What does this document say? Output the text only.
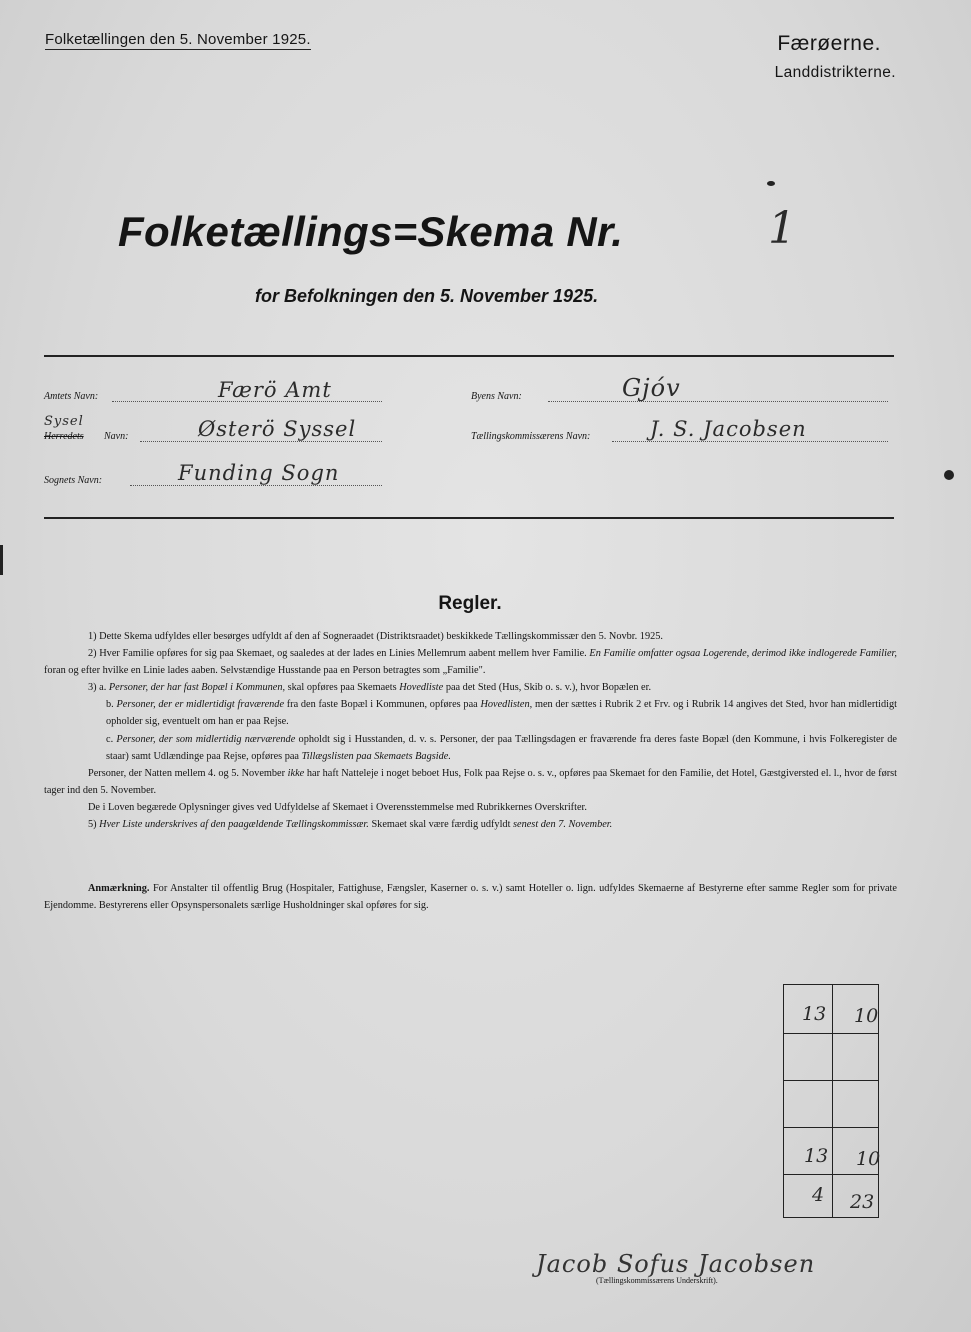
Folketællingen den 5. November 1925.	Færøerne.
Landdistrikterne.
Folketællings=Skema Nr.	1
for Befolkningen den 5. November 1925.
Amtets Navn:	Færö Amt
Sysel
Herredets Navn:	Østerö Syssel
Sognets Navn:	Funding Sogn
Byens Navn:	Gjóv
Tællingskommissærens Navn:	J. S. Jacobsen
Regler.

1) Dette Skema udfyldes eller besørges udfyldt af den af Sogneraadet (Distriktsraadet) beskikkede Tællingskommissær den 5. Novbr. 1925.

2) Hver Familie opføres for sig paa Skemaet, og saaledes at der lades en Linies Mellemrum aabent mellem hver Familie. En Familie omfatter ogsaa Logerende, derimod ikke indlogerede Familier, foran og efter hvilke en Linie lades aaben. Selvstændige Husstande paa en Person betragtes som „Familie".

3) a. Personer, der har fast Bopæl i Kommunen, skal opføres paa Skemaets Hovedliste paa det Sted (Hus, Skib o. s. v.), hvor Bopælen er.

b. Personer, der er midlertidigt fraværende fra den faste Bopæl i Kommunen, opføres paa Hovedlisten, men der sættes i Rubrik 2 et Frv. og i Rubrik 14 angives det Sted, hvor han midlertidigt opholder sig, eventuelt om han er paa Rejse.

c. Personer, der som midlertidig nærværende opholdt sig i Husstanden, d. v. s. Personer, der paa Tællingsdagen er fraværende fra deres faste Bopæl (den Kommune, i hvis Folkeregister de staar) samt Udlændinge paa Rejse, opføres paa Tillægslisten paa Skemaets Bagside.

Personer, der Natten mellem 4. og 5. November ikke har haft Natteleje i noget beboet Hus, Folk paa Rejse o. s. v., opføres paa Skemaet for den Familie, det Hotel, Gæstgiversted el. l., hvor de først tager ind den 5. November.

De i Loven begærede Oplysninger gives ved Udfyldelse af Skemaet i Overensstemmelse med Rubrikkernes Overskrifter.

5) Hver Liste underskrives af den paagældende Tællingskommissær. Skemaet skal være færdig udfyldt senest den 7. November.

Anmærkning. For Anstalter til offentlig Brug (Hospitaler, Fattighuse, Fængsler, Kaserner o. s. v.) samt Hoteller o. lign. udfyldes Skemaerne af Bestyrerne efter samme Regler som for private Ejendomme. Bestyrerens eller Opsynspersonalets særlige Husholdninger skal opføres for sig.

13 10
13 10
4 23
Jacob Sofus Jacobsen
(Tællingskommissærens Underskrift).
